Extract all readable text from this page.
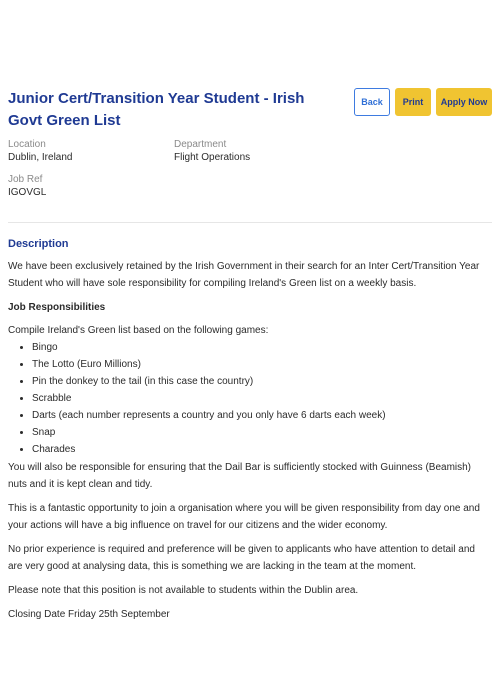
Junior Cert/Transition Year Student - Irish Govt Green List
Back	Print	Apply Now
Location
Dublin, Ireland
Department
Flight Operations
Job Ref
IGOVGL
Description

We have been exclusively retained by the Irish Government in their search for an Inter Cert/Transition Year Student who will have sole responsibility for compiling Ireland's Green list on a weekly basis.

Job Responsibilities

Compile Ireland's Green list based on the following games:

• Bingo
• The Lotto (Euro Millions)
• Pin the donkey to the tail (in this case the country)
• Scrabble
• Darts (each number represents a country and you only have 6 darts each week)
• Snap
• Charades

You will also be responsible for ensuring that the Dail Bar is sufficiently stocked with Guinness (Beamish) nuts and it is kept clean and tidy.

This is a fantastic opportunity to join a organisation where you will be given responsibility from day one and your actions will have a big influence on travel for our citizens and the wider economy.

No prior experience is required and preference will be given to applicants who have attention to detail and are very good at analysing data, this is something we are lacking in the team at the moment.

Please note that this position is not available to students within the Dublin area.

Closing Date Friday 25th September
